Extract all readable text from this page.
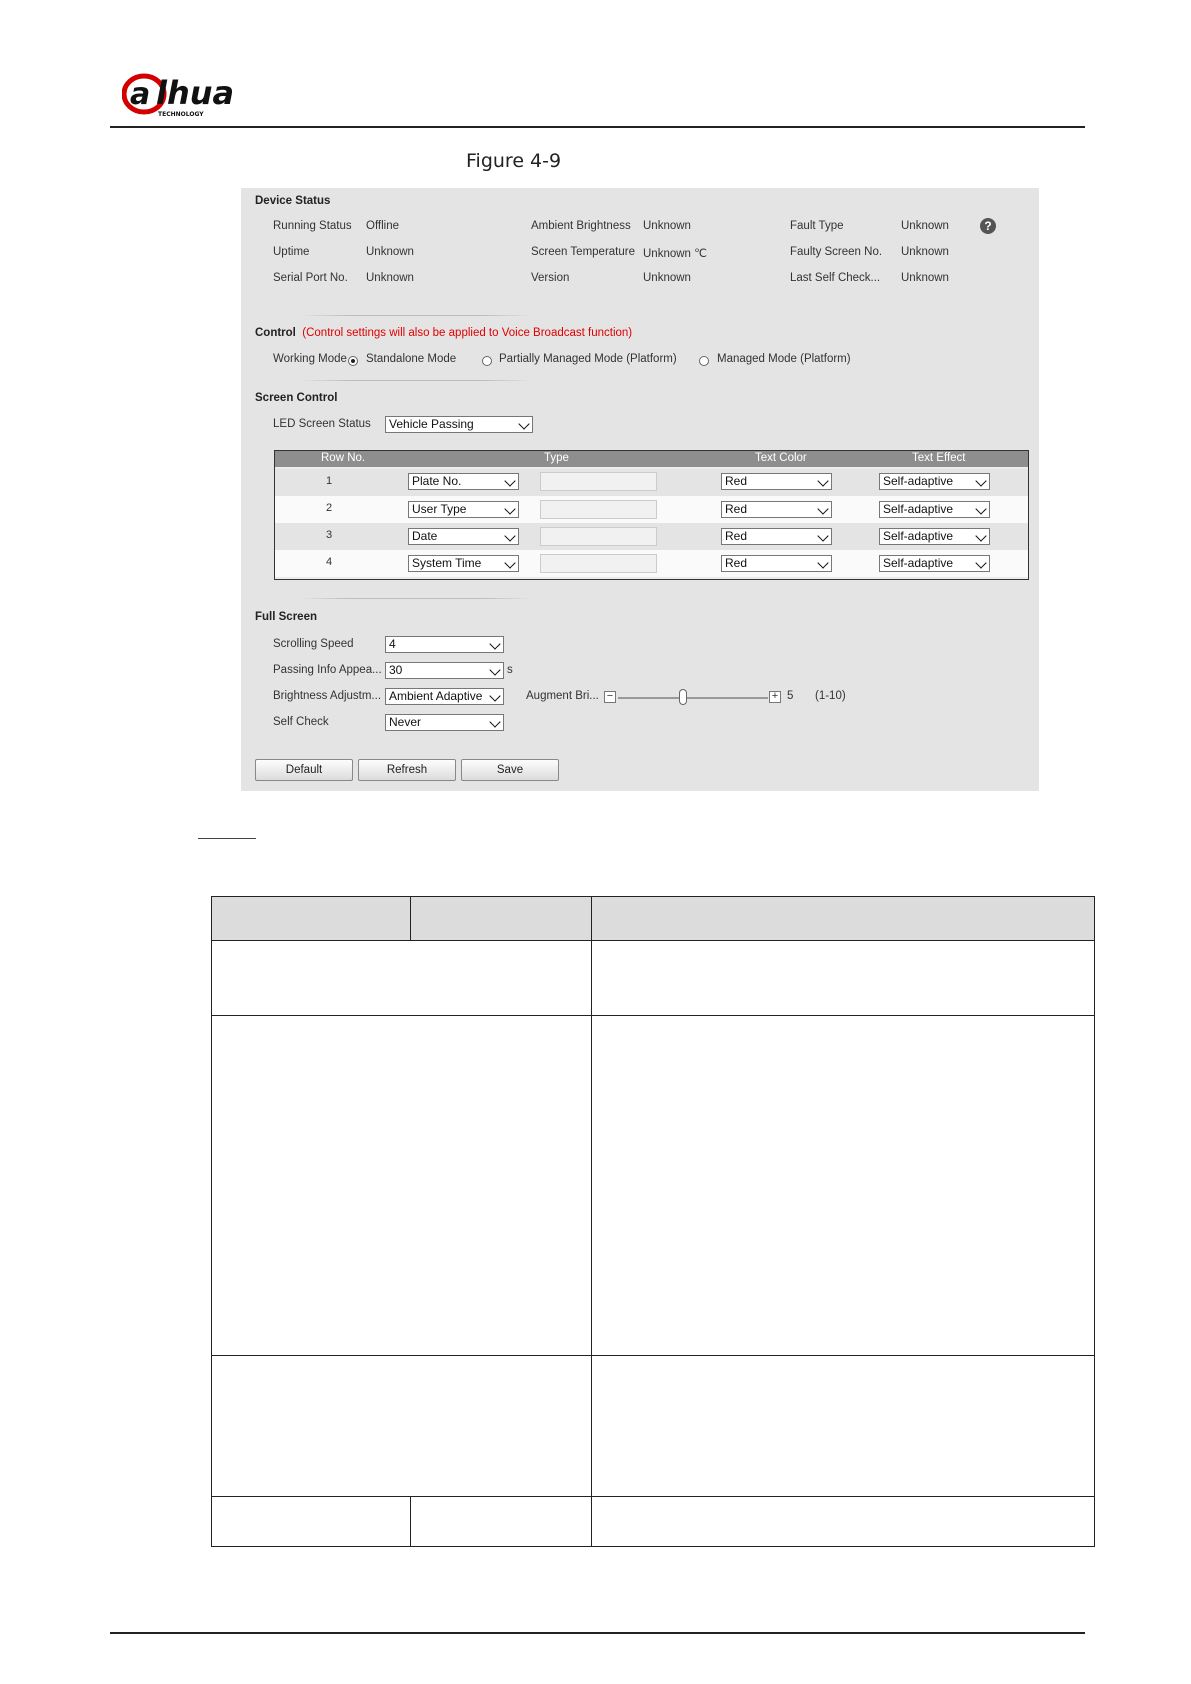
a lhua
TECHNOLOGY
Figure 4-9
Device Status
Running Status Offline	Ambient Brightness Unknown	Fault Type	Unknown	?
Uptime	Unknown	Screen Temperature Unknown ℃	Faulty Screen No. Unknown
Serial Port No. Unknown	Version	Unknown	Last Self Check... Unknown
Control (Control settings will also be applied to Voice Broadcast function)
Working Mode Standalone Mode	Partially Managed Mode (Platform)	Managed Mode (Platform)
Screen Control
LED Screen Status	Vehicle Passing
Row No.	Type	Text Color	Text Effect
1	Plate No.	Red	Self-adaptive
2	User Type	Red	Self-adaptive
3	Date	Red	Self-adaptive
4	System Time	Red	Self-adaptive
Full Screen
Scrolling Speed	4
Passing Info Appea... 30	s
Brightness Adjustm... Ambient Adaptive	Augment Bri... −	+ 5 (1-10)
Self Check	Never
Default	Refresh	Save
